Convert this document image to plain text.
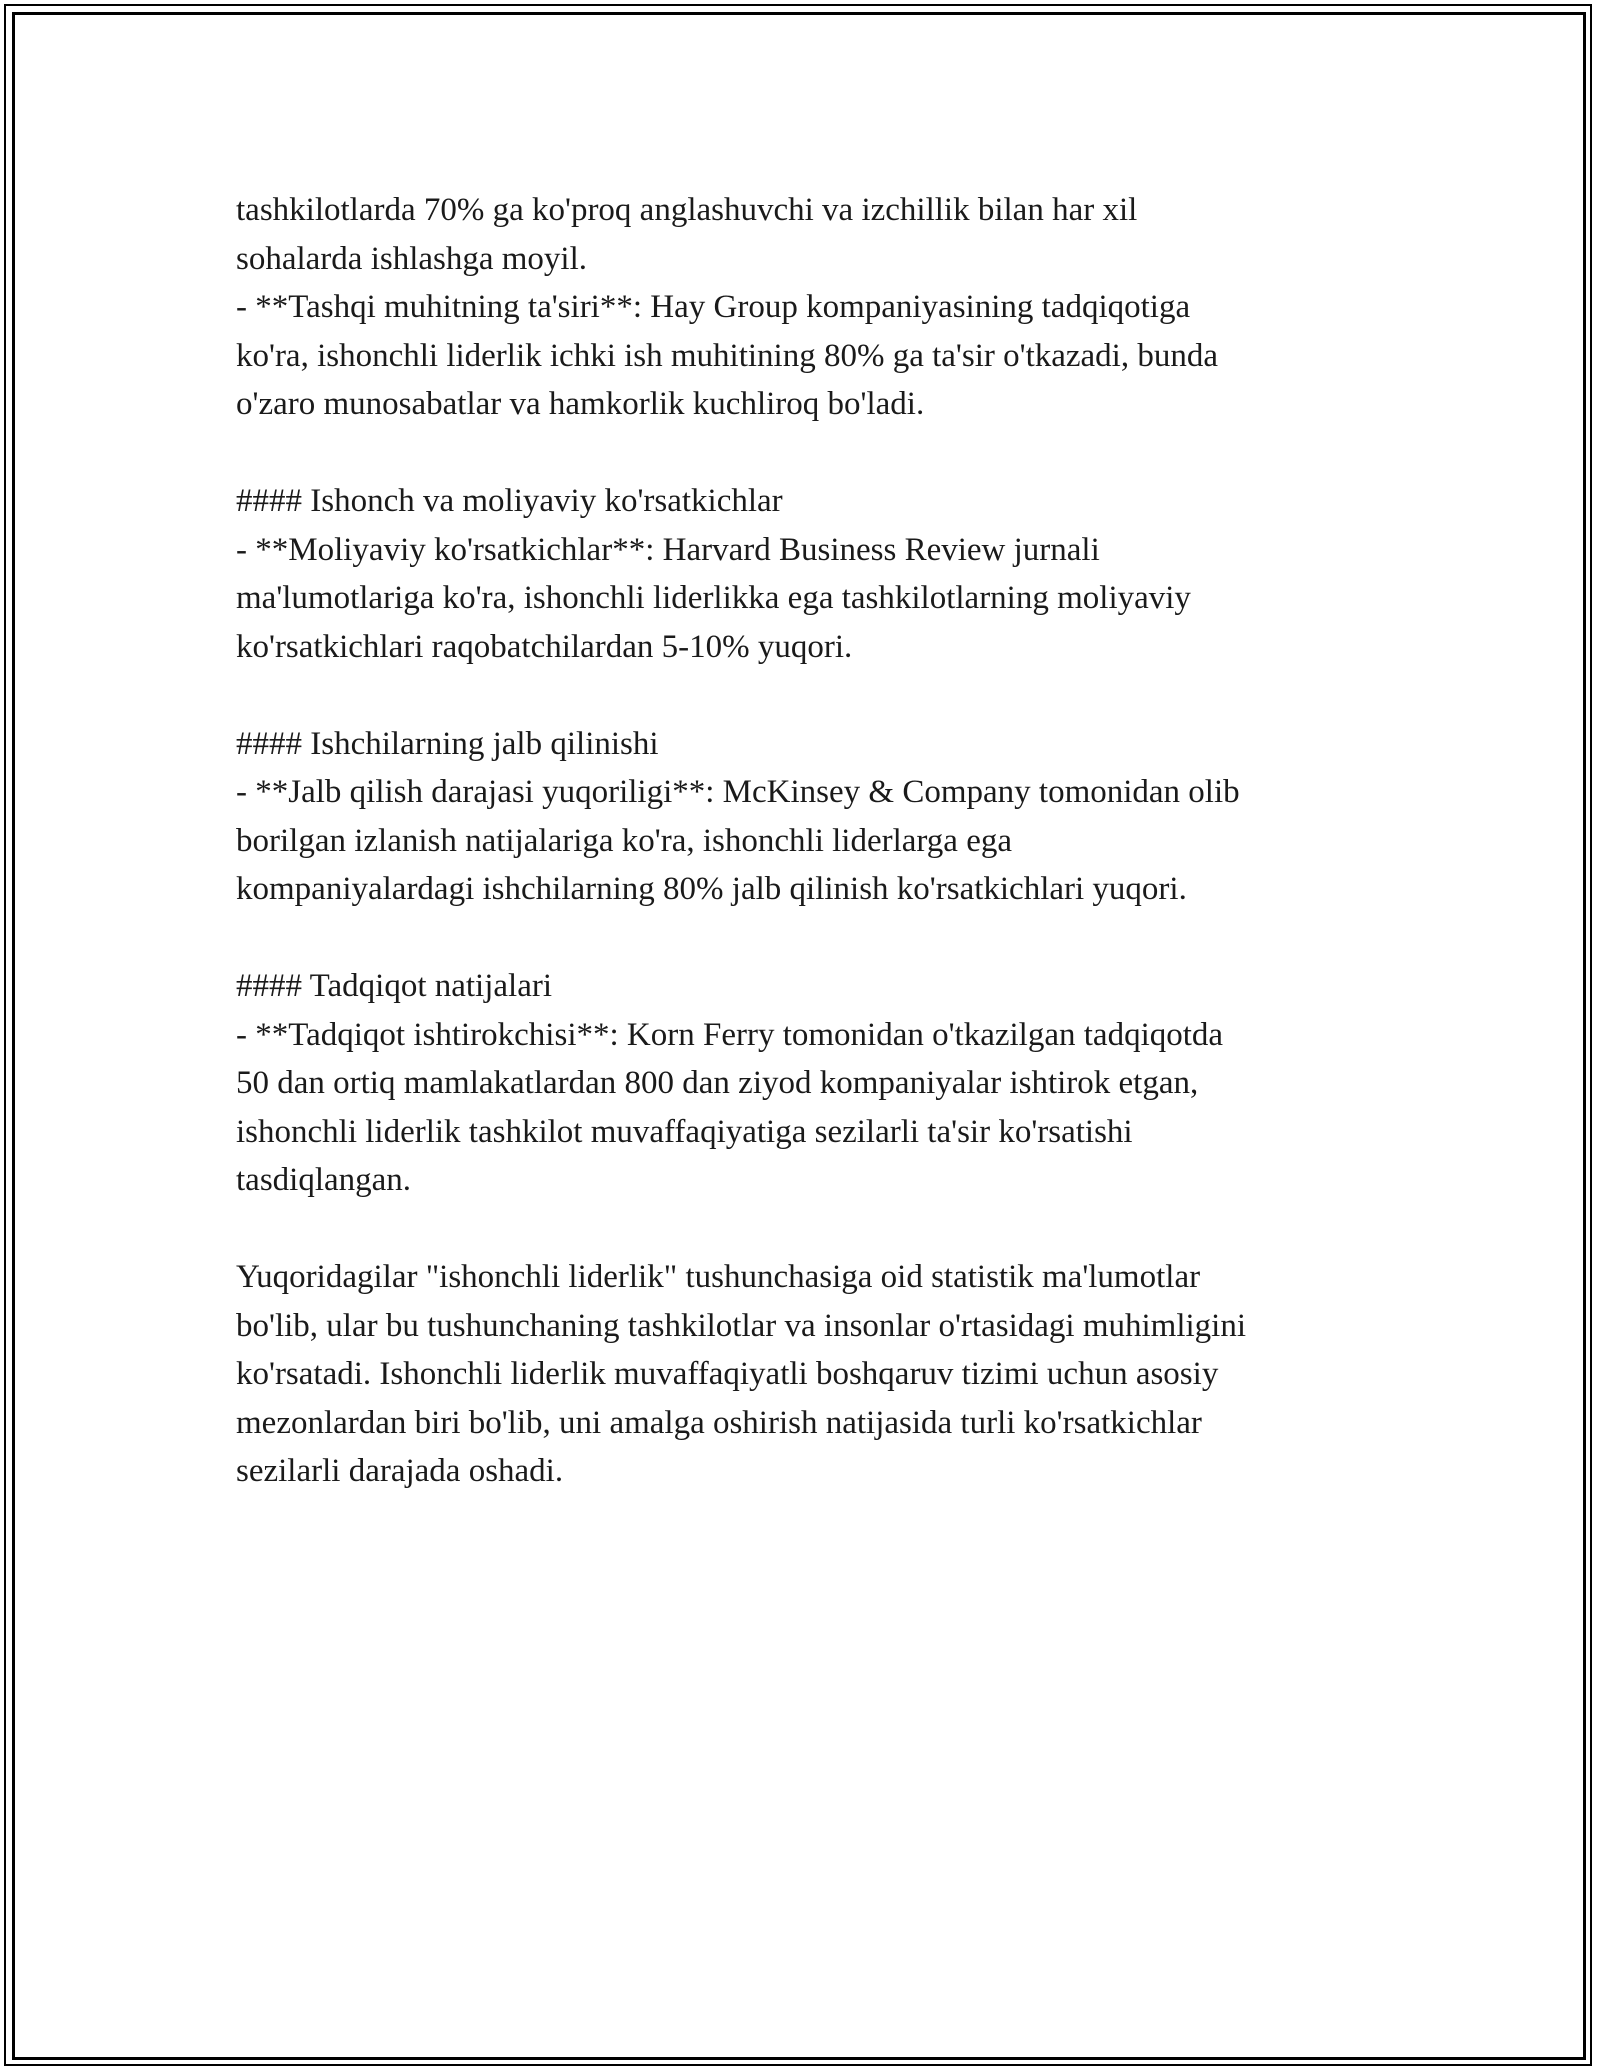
tashkilotlarda 70% ga ko'proq anglashuvchi va izchillik bilan har xil
sohalarda ishlashga moyil.
- **Tashqi muhitning ta'siri**: Hay Group kompaniyasining tadqiqotiga
ko'ra, ishonchli liderlik ichki ish muhitining 80% ga ta'sir o'tkazadi, bunda
o'zaro munosabatlar va hamkorlik kuchliroq bo'ladi.
#### Ishonch va moliyaviy ko'rsatkichlar
- **Moliyaviy ko'rsatkichlar**: Harvard Business Review jurnali
ma'lumotlariga ko'ra, ishonchli liderlikka ega tashkilotlarning moliyaviy
ko'rsatkichlari raqobatchilardan 5-10% yuqori.
#### Ishchilarning jalb qilinishi
- **Jalb qilish darajasi yuqoriligi**: McKinsey & Company tomonidan olib
borilgan izlanish natijalariga ko'ra, ishonchli liderlarga ega
kompaniyalardagi ishchilarning 80% jalb qilinish ko'rsatkichlari yuqori.
#### Tadqiqot natijalari
- **Tadqiqot ishtirokchisi**: Korn Ferry tomonidan o'tkazilgan tadqiqotda
50 dan ortiq mamlakatlardan 800 dan ziyod kompaniyalar ishtirok etgan,
ishonchli liderlik tashkilot muvaffaqiyatiga sezilarli ta'sir ko'rsatishi
tasdiqlangan.
Yuqoridagilar "ishonchli liderlik" tushunchasiga oid statistik ma'lumotlar
bo'lib, ular bu tushunchaning tashkilotlar va insonlar o'rtasidagi muhimligini
ko'rsatadi. Ishonchli liderlik muvaffaqiyatli boshqaruv tizimi uchun asosiy
mezonlardan biri bo'lib, uni amalga oshirish natijasida turli ko'rsatkichlar
sezilarli darajada oshadi.
